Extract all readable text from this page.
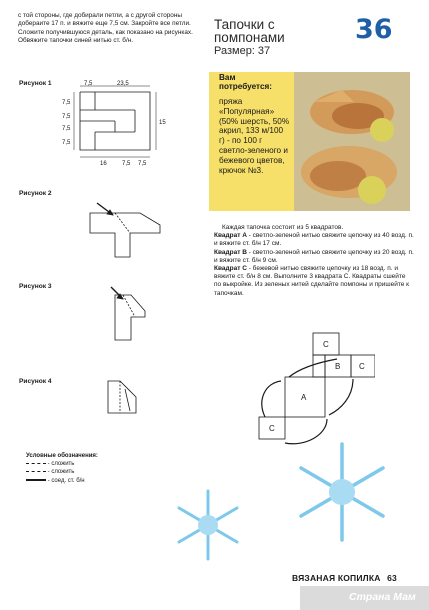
с той стороны, где добирали петли, а с другой стороны добераите 17 п. и вяжите еще 7,5 см. Закройте все петли. Сложите получившуюся деталь, как показано на рисунках. Обвяжите тапочки синей нитью ст. б/н.
Рисунок 1	7,5	23,5
7,5
7,5
7,5
7,5
15
16	7,5 7,5
Рисунок 2
Рисунок 3
Рисунок 4
Тапочки с помпонами
Размер: 37
36
Вам потребуется:
пряжа «Популярная» (50% шерсть, 50% акрил, 133 м/100 г) - по 100 г светло-зеленого и бежевого цветов, крючок №3.
Каждая тапочка состоит из 5 квадратов.
Квадрат А - светло-зеленой нитью свяжите цепочку из 40 возд. п. и вяжите ст. б/н 17 см.
Квадрат В - светло-зеленой нитью свяжите цепочку из 20 возд. п. и вяжите ст. б/н 9 см.
Квадрат С - бежевой нитью свяжите цепочку из 18 возд. п. и вяжите ст. б/н 8 см. Выполните 3 квадрата С. Квадраты сшейте по выкройке. Из зеленых нитей сделайте помпоны и пришейте к тапочкам.
C
B C
A
C
Условные обозначения:
- сложить
- сложить
- соед. ст. б/н
ВЯЗАНАЯ КОПИЛКА 63
Страна Мам
